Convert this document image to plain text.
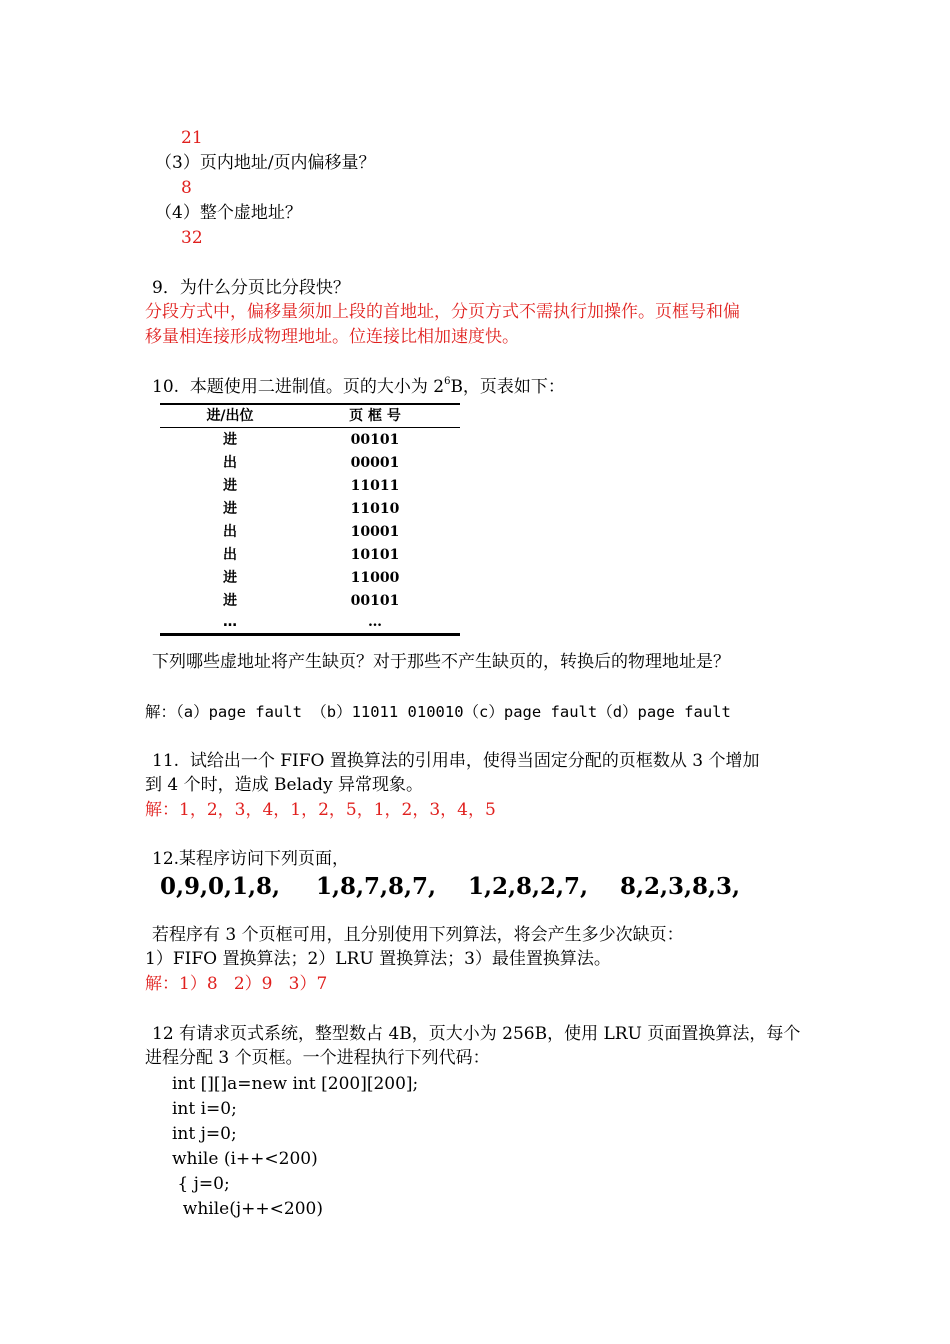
21
（3）页内地址/页内偏移量？
8
（4）整个虚地址？
32
9．为什么分页比分段快？
分段方式中，偏移量须加上段的首地址，分页方式不需执行加操作。页框号和偏
移量相连接形成物理地址。位连接比相加速度快。
10.  本题使用二进制值。页的大小为 $2^6B$，页表如下：
进/出位	页 框 号
进	00101
出	00001
进	11011
进	11010
出	10001
出	10101
进	11000
进	00101
…	…
下列哪些虚地址将产生缺页？对于那些不产生缺页的，转换后的物理地址是？
解：（a）page fault （b）11011 010010（c）page fault（d）page fault
11.  试给出一个 FIFO 置换算法的引用串，使得当固定分配的页框数从 3 个增加
到 4 个时，造成 Belady 异常现象。
解：1，2，3，4，1，2，5，1，2，3，4，5
12.某程序访问下列页面，
0,9,0,1,8, 1,8,7,8,7, 1,2,8,2,7, 8,2,3,8,3,
若程序有 3 个页框可用，且分别使用下列算法，将会产生多少次缺页：
1）FIFO 置换算法；2）LRU 置换算法；3）最佳置换算法。
解：1）8   2）9   3）7
12 有请求页式系统，整型数占 4B，页大小为 256B，使用 LRU 页面置换算法，每个
进程分配 3 个页框。一个进程执行下列代码：
int [][]a=new int [200][200];
int i=0;
int j=0;
while (i++<200)
{ j=0;
while(j++<200)
